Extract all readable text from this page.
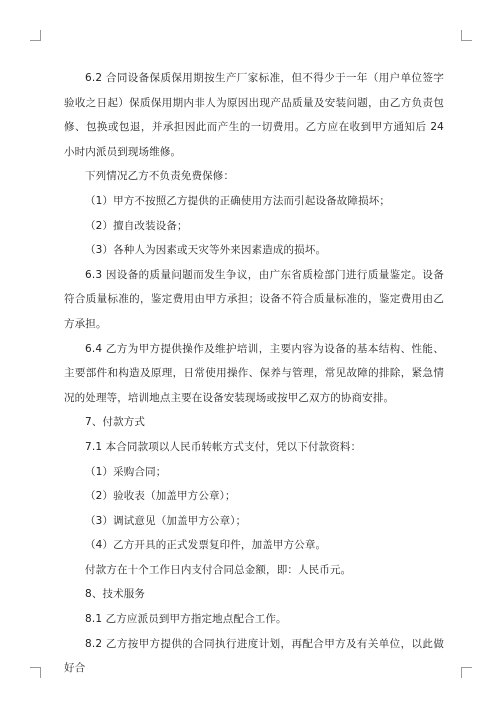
6.2 合同设备保质保用期按生产厂家标准，但不得少于一年（用户单位签字验收之日起）保质保用期内非人为原因出现产品质量及安装问题，由乙方负责包修、包换或包退，并承担因此而产生的一切费用。乙方应在收到甲方通知后 24 小时内派员到现场维修。

下列情况乙方不负责免费保修：

（1）甲方不按照乙方提供的正确使用方法而引起设备故障损坏；

（2）擅自改装设备；

（3）各种人为因素或天灾等外来因素造成的损坏。

6.3 因设备的质量问题而发生争议，由广东省质检部门进行质量鉴定。设备符合质量标准的，鉴定费用由甲方承担；设备不符合质量标准的，鉴定费用由乙方承担。

6.4 乙方为甲方提供操作及维护培训，主要内容为设备的基本结构、性能、主要部件和构造及原理，日常使用操作、保养与管理，常见故障的排除，紧急情况的处理等，培训地点主要在设备安装现场或按甲乙双方的协商安排。

7、付款方式

7.1 本合同款项以人民币转帐方式支付，凭以下付款资料：

（1）采购合同；

（2）验收表（加盖甲方公章）；

（3）调试意见（加盖甲方公章）；

（4）乙方开具的正式发票复印件，加盖甲方公章。

付款方在十个工作日内支付合同总金额，即：人民币元。

8、技术服务

8.1 乙方应派员到甲方指定地点配合工作。

8.2 乙方按甲方提供的合同执行进度计划，再配合甲方及有关单位，以此做好合
